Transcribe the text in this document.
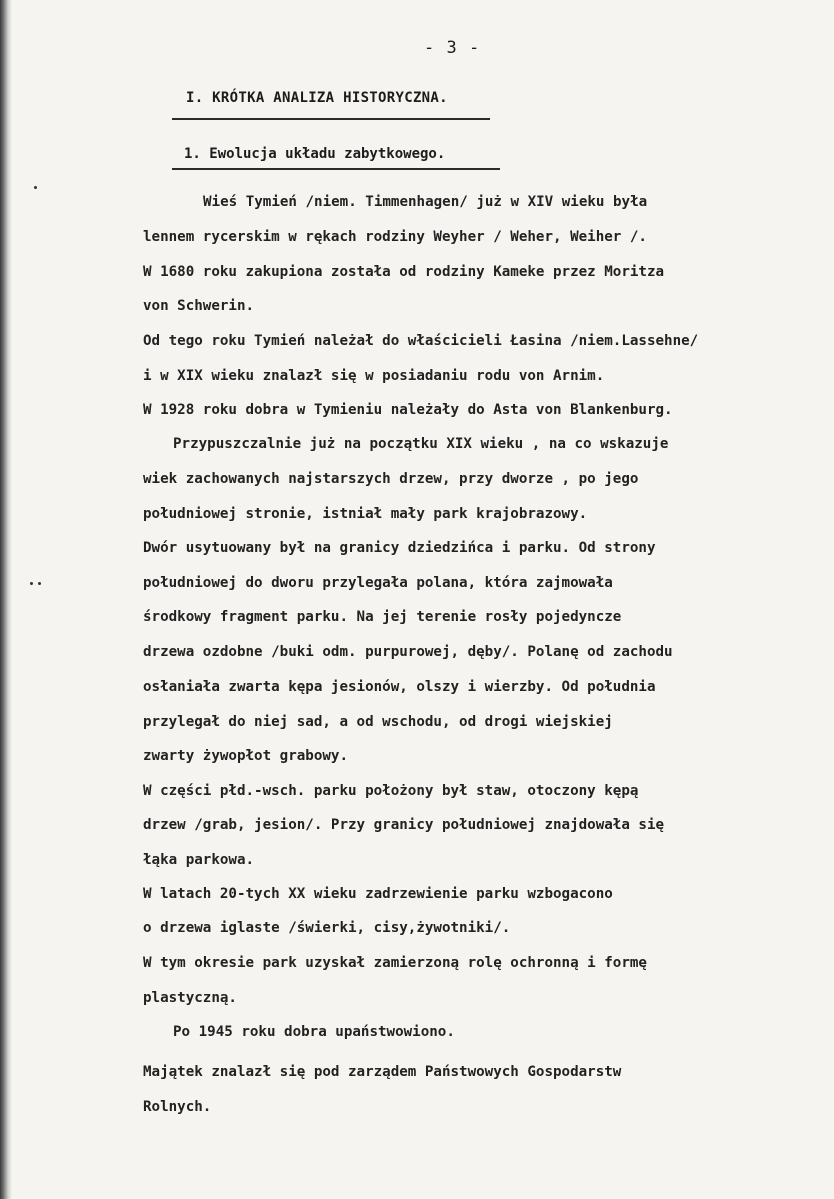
- 3 -
I. KRÓTKA ANALIZA HISTORYCZNA.
1. Ewolucja układu zabytkowego.
Wieś Tymień /niem. Timmenhagen/ już w XIV wieku była
lennem rycerskim w rękach rodziny Weyher / Weher, Weiher /.
W 1680 roku zakupiona została od rodziny Kameke przez Moritza
von Schwerin.
Od tego roku Tymień należał do właścicieli Łasina /niem.Lassehne/
i w XIX wieku znalazł się w posiadaniu rodu von Arnim.
W 1928 roku dobra w Tymieniu należały do Asta von Blankenburg.
Przypuszczalnie już na początku XIX wieku , na co wskazuje
wiek zachowanych najstarszych drzew, przy dworze , po jego
południowej stronie, istniał mały park krajobrazowy.
Dwór usytuowany był na granicy dziedzińca i parku. Od strony
południowej do dworu przylegała polana, która zajmowała
środkowy fragment parku. Na jej terenie rosły pojedyncze
drzewa ozdobne /buki odm. purpurowej, dęby/. Polanę od zachodu
osłaniała zwarta kępa jesionów, olszy i wierzby. Od południa
przylegał do niej sad, a od wschodu, od drogi wiejskiej
zwarty żywopłot grabowy.
W części płd.-wsch. parku położony był staw, otoczony kępą
drzew /grab, jesion/. Przy granicy południowej znajdowała się
łąka parkowa.
W latach 20-tych XX wieku zadrzewienie parku wzbogacono
o drzewa iglaste /świerki, cisy,żywotniki/.
W tym okresie park uzyskał zamierzoną rolę ochronną i formę
plastyczną.
Po 1945 roku dobra upaństwowiono.
Majątek znalazł się pod zarządem Państwowych Gospodarstw
Rolnych.
